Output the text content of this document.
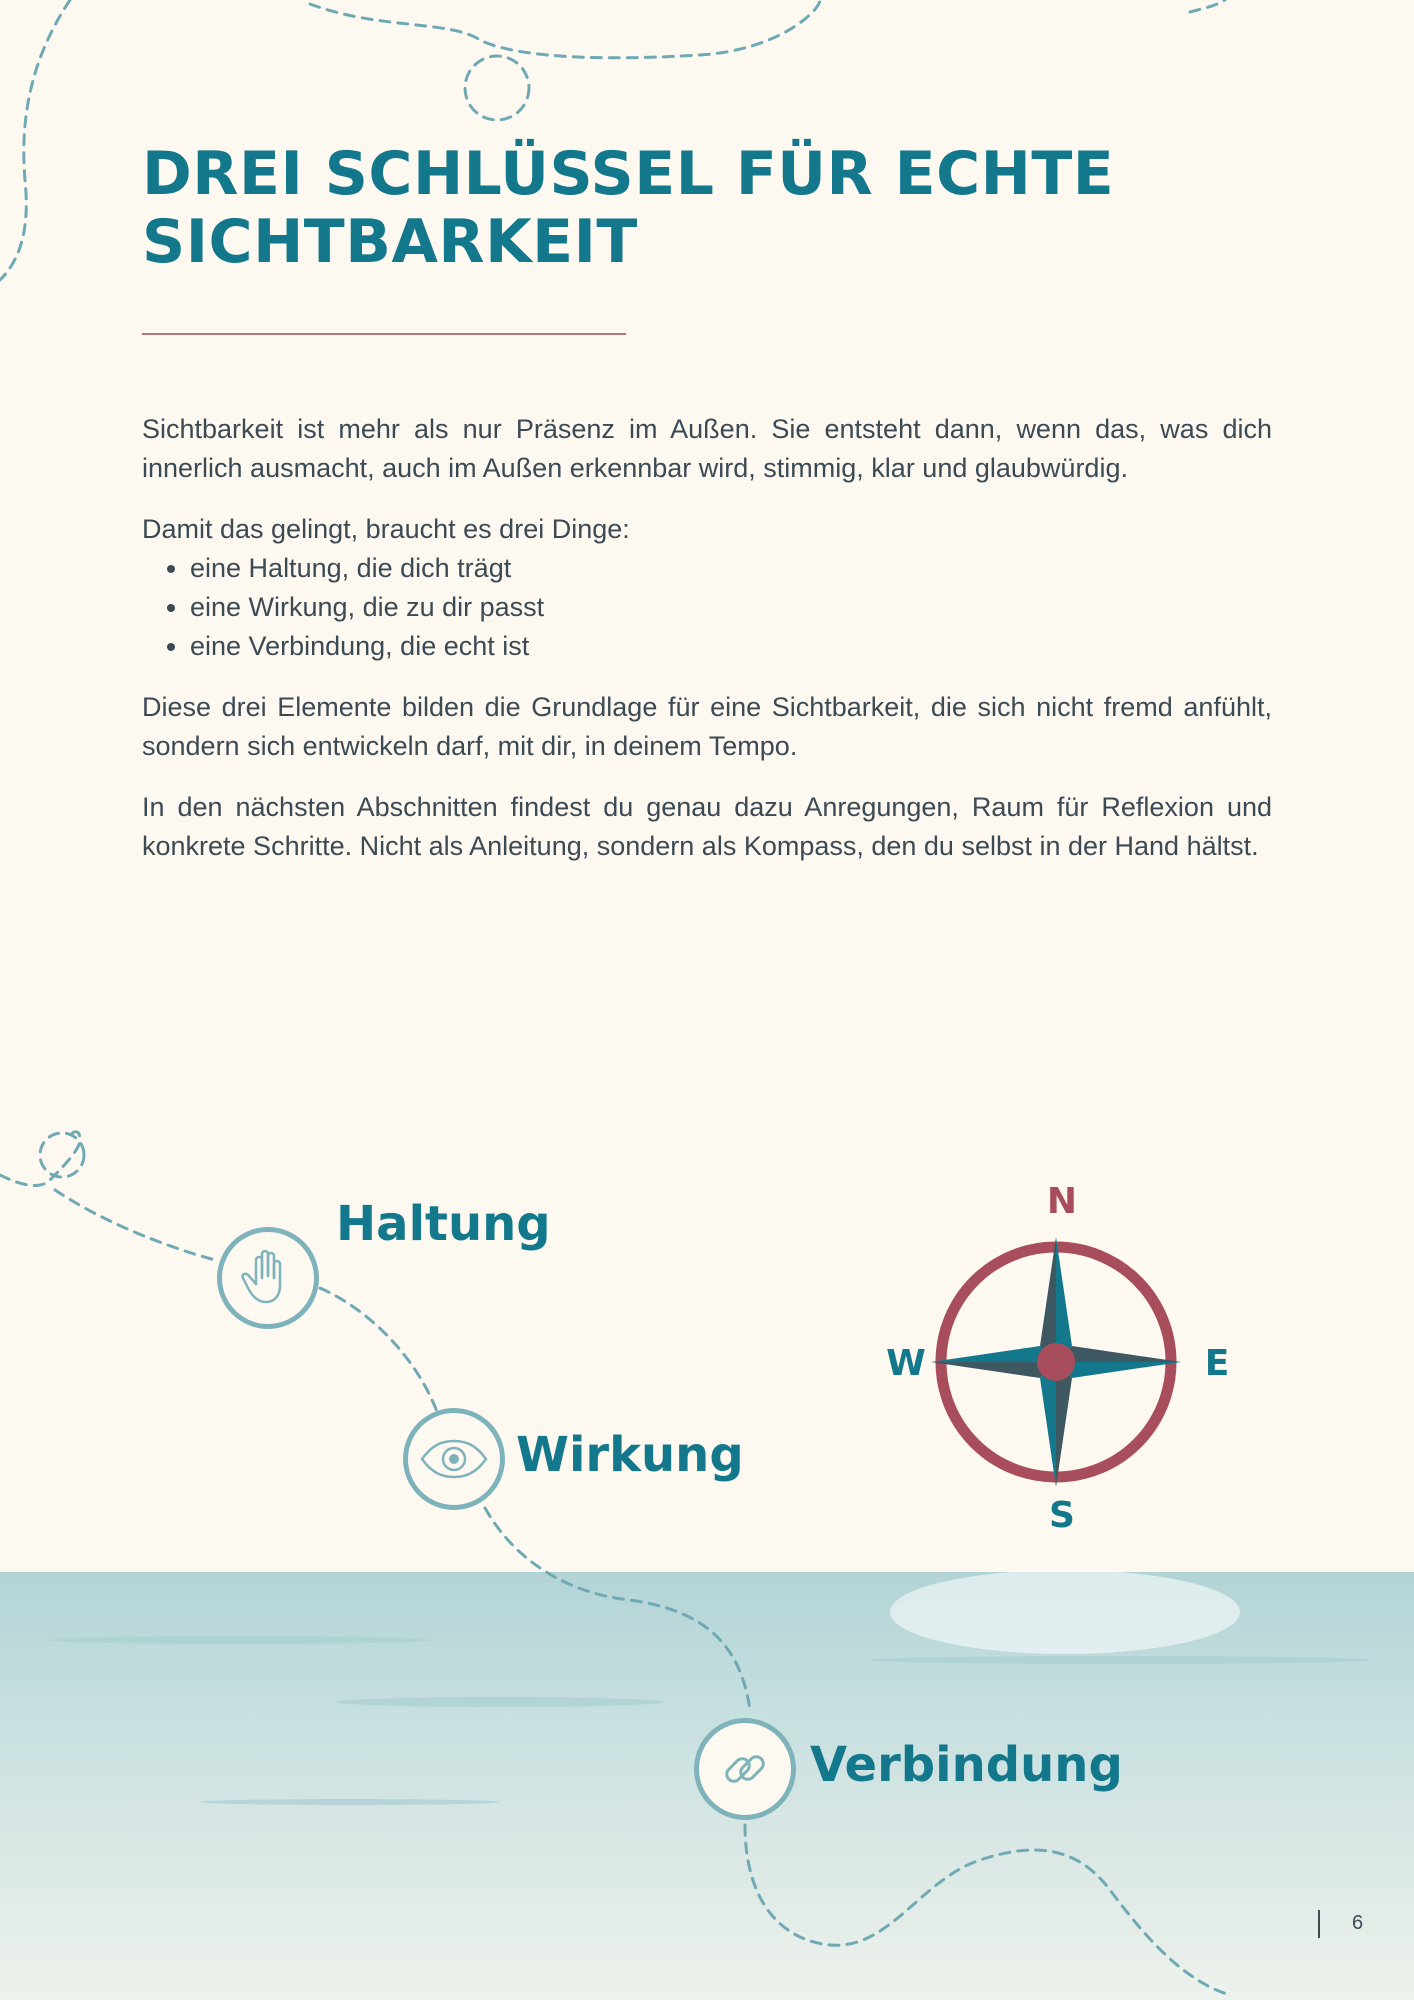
DREI SCHLÜSSEL FÜR ECHTE SICHTBARKEIT

Sichtbarkeit ist mehr als nur Präsenz im Außen. Sie entsteht dann, wenn das, was dich innerlich ausmacht, auch im Außen erkennbar wird, stimmig, klar und glaubwürdig.

Damit das gelingt, braucht es drei Dinge:

• eine Haltung, die dich trägt
• eine Wirkung, die zu dir passt
• eine Verbindung, die echt ist

Diese drei Elemente bilden die Grundlage für eine Sichtbarkeit, die sich nicht fremd anfühlt, sondern sich entwickeln darf, mit dir, in deinem Tempo.

In den nächsten Abschnitten findest du genau dazu Anregungen, Raum für Reflexion und konkrete Schritte. Nicht als Anleitung, sondern als Kompass, den du selbst in der Hand hältst.

Haltung
Wirkung
Verbindung
N
E
S
W
6
